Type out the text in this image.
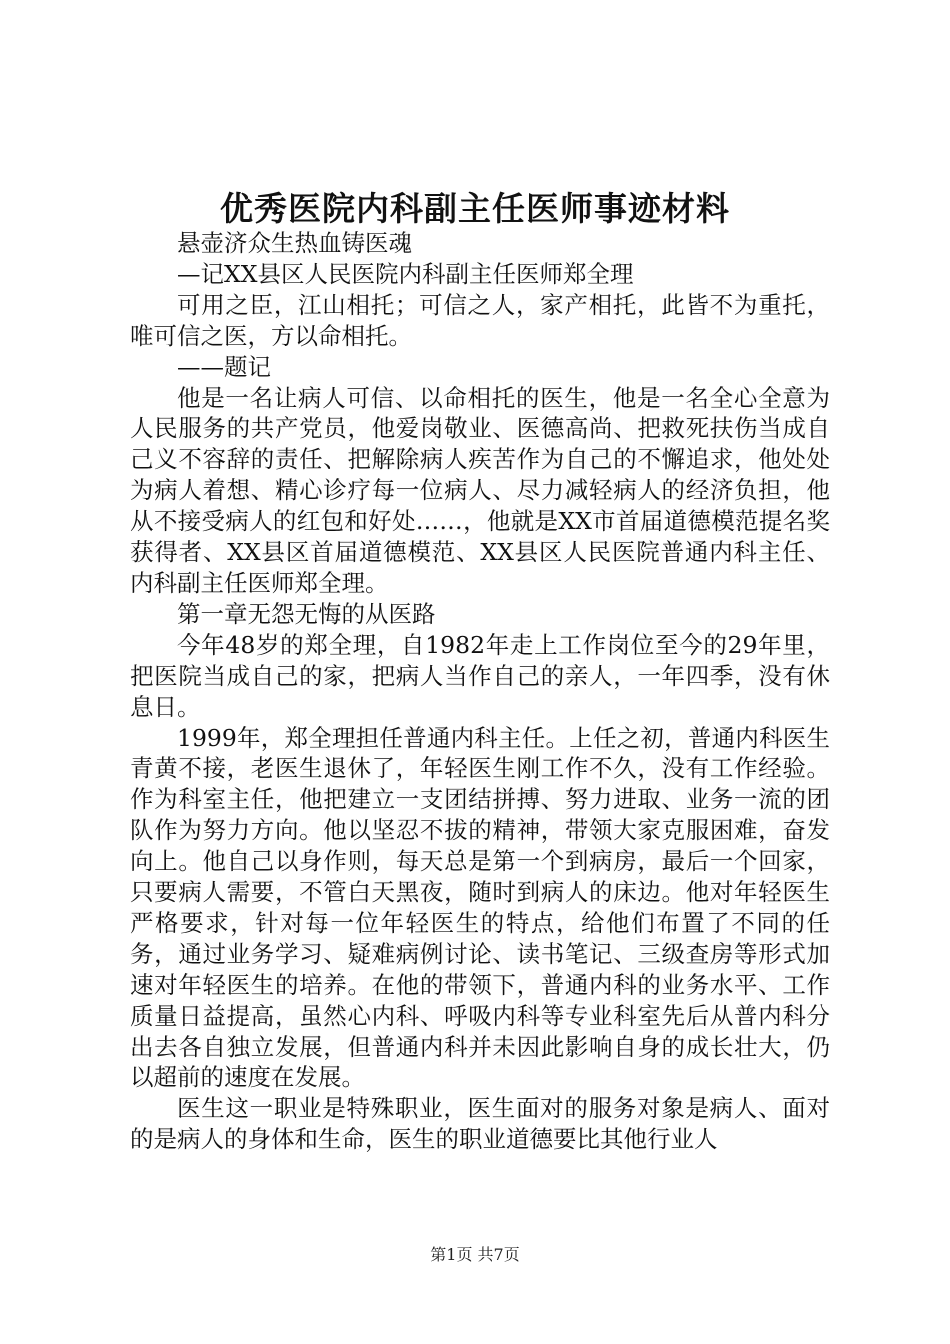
优秀医院内科副主任医师事迹材料

悬壶济众生热血铸医魂

—记XX县区人民医院内科副主任医师郑全理

可用之臣，江山相托；可信之人，家产相托，此皆不为重托，唯可信之医，方以命相托。

——题记

他是一名让病人可信、以命相托的医生，他是一名全心全意为人民服务的共产党员，他爱岗敬业、医德高尚、把救死扶伤当成自己义不容辞的责任、把解除病人疾苦作为自己的不懈追求，他处处为病人着想、精心诊疗每一位病人、尽力减轻病人的经济负担，他从不接受病人的红包和好处……，他就是XX市首届道德模范提名奖获得者、XX县区首届道德模范、XX县区人民医院普通内科主任、内科副主任医师郑全理。

第一章无怨无悔的从医路

今年48岁的郑全理，自1982年走上工作岗位至今的29年里，把医院当成自己的家，把病人当作自己的亲人，一年四季，没有休息日。

1999年，郑全理担任普通内科主任。上任之初，普通内科医生青黄不接，老医生退休了，年轻医生刚工作不久，没有工作经验。作为科室主任，他把建立一支团结拼搏、努力进取、业务一流的团队作为努力方向。他以坚忍不拔的精神，带领大家克服困难，奋发向上。他自己以身作则，每天总是第一个到病房，最后一个回家，只要病人需要，不管白天黑夜，随时到病人的床边。他对年轻医生严格要求，针对每一位年轻医生的特点，给他们布置了不同的任务，通过业务学习、疑难病例讨论、读书笔记、三级查房等形式加速对年轻医生的培养。在他的带领下，普通内科的业务水平、工作质量日益提高，虽然心内科、呼吸内科等专业科室先后从普内科分出去各自独立发展，但普通内科并未因此影响自身的成长壮大，仍以超前的速度在发展。

医生这一职业是特殊职业，医生面对的服务对象是病人、面对的是病人的身体和生命，医生的职业道德要比其他行业人

第1页 共7页
